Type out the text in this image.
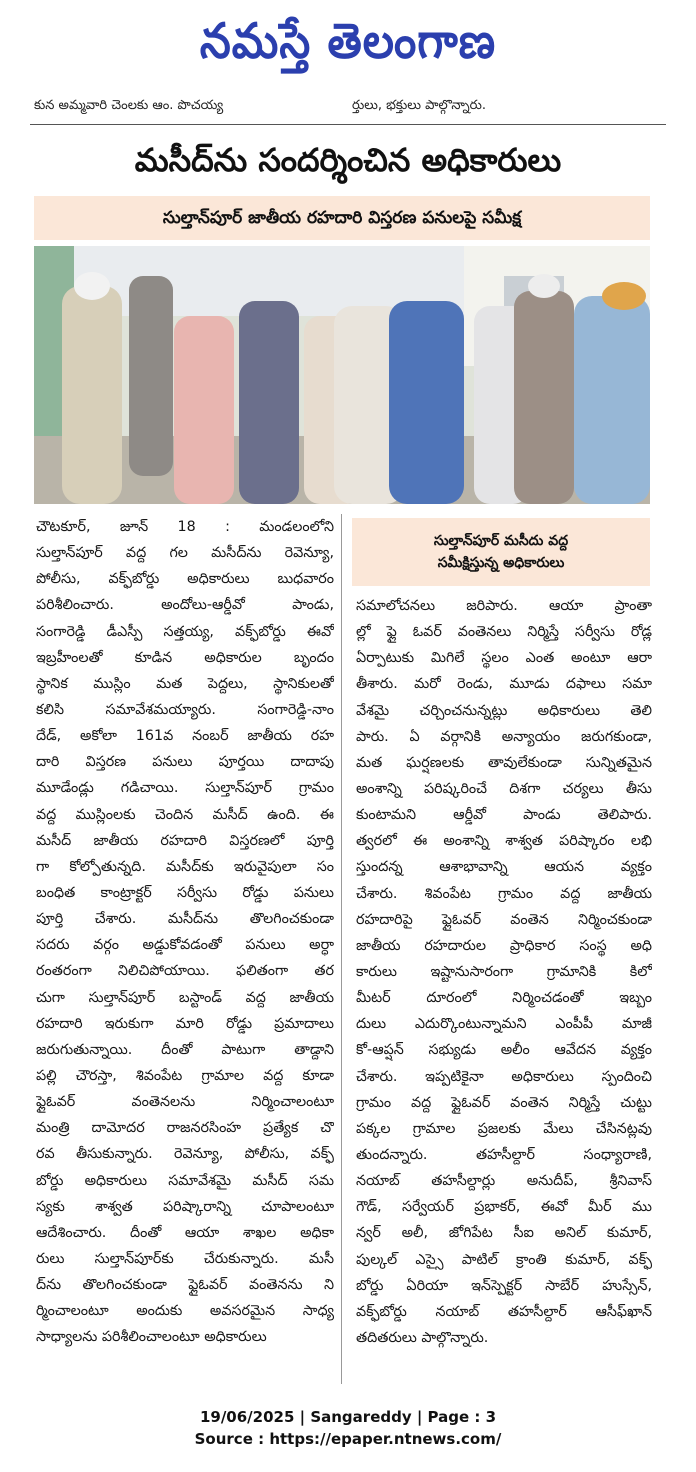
నమస్తే తెలంగాణ
కున అమ్మవారి చెంలకు ఆం. పొచయ్య	ర్తులు, భక్తులు పాల్గొన్నారు.
మసీద్‌ను సందర్శించిన అధికారులు
సుల్తాన్‌పూర్‌ జాతీయ రహదారి విస్తరణ పనులపై సమీక్ష
సుల్తాన్‌పూర్‌ మసీదు వద్ద
సమీక్షిస్తున్న అధికారులు
చౌటకూర్‌, జూన్‌ 18 : మండలంలోని
సుల్తాన్‌పూర్‌ వద్ద గల మసీద్‌ను రెవెన్యూ,
పోలీసు, వక్ఫ్‌బోర్డు అధికారులు బుధవారం
పరిశీలించారు. అందోలు-ఆర్డీవో పాండు,
సంగారెడ్డి డీఎస్పీ సత్తయ్య, వక్ఫ్‌బోర్డు ఈవో
ఇబ్రహీంలతో కూడిన అధికారుల బృందం
స్థానిక ముస్లిం మత పెద్దలు, స్థానికులతో
కలిసి సమావేశమయ్యారు. సంగారెడ్డి-నాం
దేడ్‌, అకోలా 161వ నంబర్‌ జాతీయ రహ
దారి విస్తరణ పనులు పూర్తయి దాదాపు
మూడేండ్లు గడిచాయి. సుల్తాన్‌పూర్‌ గ్రామం
వద్ద ముస్లింలకు చెందిన మసీద్‌ ఉంది. ఈ
మసీద్‌ జాతీయ రహదారి విస్తరణలో పూర్తి
గా కోల్పోతున్నది. మసీద్‌కు ఇరువైపులా సం
బంధిత కాంట్రాక్టర్‌ సర్వీసు రోడ్డు పనులు
పూర్తి చేశారు. మసీద్‌ను తొలగించకుండా
సదరు వర్గం అడ్డుకోవడంతో పనులు అర్ధా
రంతరంగా నిలిచిపోయాయి. ఫలితంగా తర
చుగా సుల్తాన్‌పూర్‌ బస్టాండ్‌ వద్ద జాతీయ
రహదారి ఇరుకుగా మారి రోడ్డు ప్రమాదాలు
జరుగుతున్నాయి. దీంతో పాటుగా తాడ్దాని
పల్లి చౌరస్తా, శివంపేట గ్రామాల వద్ద కూడా
ఫ్లైఓవర్‌ వంతెనలను నిర్మించాలంటూ
మంత్రి దామోదర రాజనరసింహ ప్రత్యేక చొ
రవ తీసుకున్నారు. రెవెన్యూ, పోలీసు, వక్ఫ్‌
బోర్డు అధికారులు సమావేశమై మసీద్‌ సమ
స్యకు శాశ్వత పరిష్కారాన్ని చూపాలంటూ
ఆదేశించారు. దీంతో ఆయా శాఖల అధికా
రులు సుల్తాన్‌పూర్‌కు చేరుకున్నారు. మసీ
ద్‌ను తొలగించకుండా ఫ్లైఓవర్‌ వంతెనను ని
ర్మించాలంటూ అందుకు అవసరమైన సాధ్య
సాధ్యాలను పరిశీలించాలంటూ అధికారులు
సమాలోచనలు జరిపారు. ఆయా ప్రాంతా
ల్లో ఫ్లై ఓవర్‌ వంతెనలు నిర్మిస్తే సర్వీసు రోడ్ల
ఏర్పాటుకు మిగిలే స్థలం ఎంత అంటూ ఆరా
తీశారు. మరో రెండు, మూడు దఫాలు సమా
వేశమై చర్చించనున్నట్లు అధికారులు తెలి
పారు. ఏ వర్గానికి అన్యాయం జరుగకుండా,
మత ఘర్షణలకు తావులేకుండా సున్నితమైన
అంశాన్ని పరిష్కరించే దిశగా చర్యలు తీసు
కుంటామని ఆర్డీవో పాండు తెలిపారు.
త్వరలో ఈ అంశాన్ని శాశ్వత పరిష్కారం లభి
స్తుందన్న ఆశాభావాన్ని ఆయన వ్యక్తం
చేశారు. శివంపేట గ్రామం వద్ద జాతీయ
రహదారిపై ఫ్లైఓవర్‌ వంతెన నిర్మించకుండా
జాతీయ రహదారుల ప్రాధికార సంస్థ అధి
కారులు ఇష్టానుసారంగా గ్రామానికి కిలో
మీటర్‌ దూరంలో నిర్మించడంతో ఇబ్బం
దులు ఎదుర్కొంటున్నామని ఎంపీపీ మాజీ
కో-ఆప్షన్‌ సభ్యుడు అలీం ఆవేదన వ్యక్తం
చేశారు. ఇప్పటికైనా అధికారులు స్పందించి
గ్రామం వద్ద ఫ్లైఓవర్‌ వంతెన నిర్మిస్తే చుట్టు
పక్కల గ్రామాల ప్రజలకు మేలు చేసినట్లవు
తుందన్నారు. తహసీల్దార్‌ సంధ్యారాణి,
నయాబ్‌ తహసీల్దార్లు అనుదీప్‌, శ్రీనివాస్‌
గౌడ్‌, సర్వేయర్‌ ప్రభాకర్‌, ఈవో మీర్‌ ము
న్వర్‌ అలీ, జోగిపేట సీఐ అనిల్‌ కుమార్‌,
పుల్కల్‌ ఎస్సై పాటిల్‌ క్రాంతి కుమార్‌, వక్ఫ్‌
బోర్డు ఏరియా ఇన్‌స్పెక్టర్‌ సాబేర్‌ హుస్సేన్‌,
వక్ఫ్‌బోర్డు నయాబ్‌ తహసీల్దార్‌ ఆసీఫ్‌ఖాన్‌
తదితరులు పాల్గొన్నారు.
19/06/2025 | Sangareddy | Page : 3
Source : https://epaper.ntnews.com/
